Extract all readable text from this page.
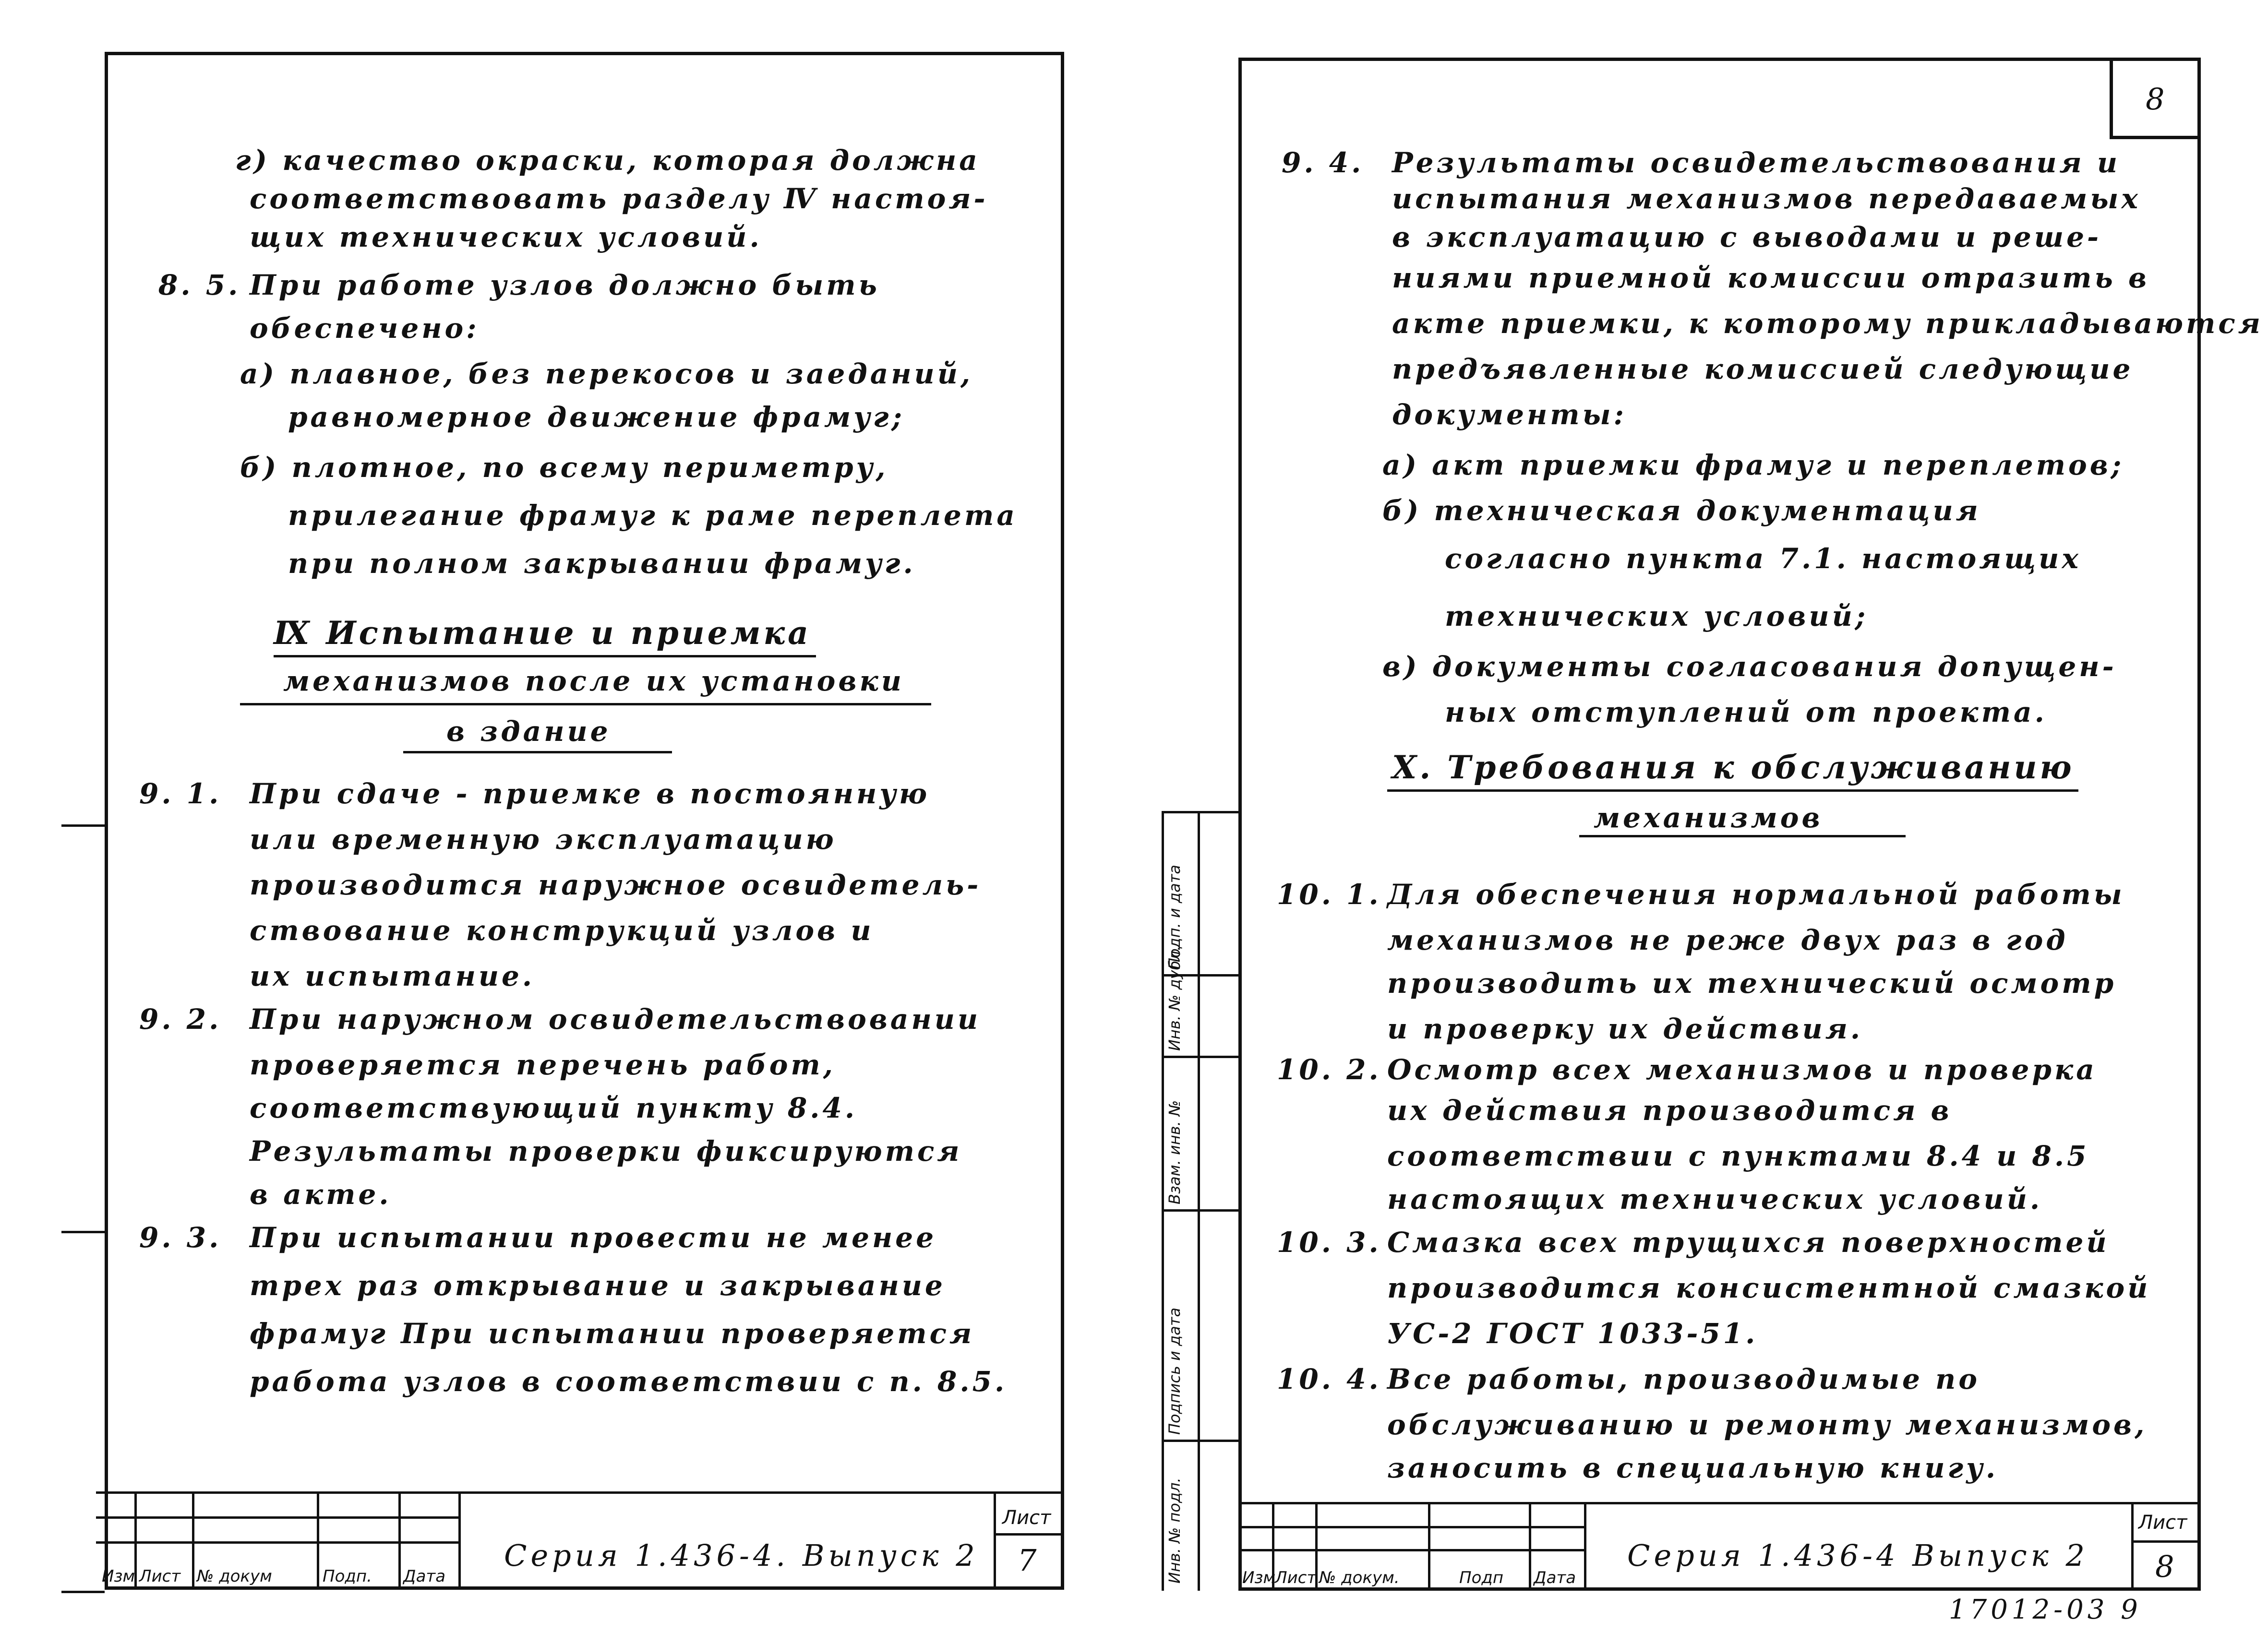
г) качество окраски, которая должна
соответствовать разделу Ⅳ настоя-
щих технических условий.
8. 5. При работе узлов должно быть
обеспечено:
а) плавное, без перекосов и заеданий,
равномерное движение фрамуг;
б) плотное, по всему периметру,
прилегание фрамуг к раме переплета
при полном закрывании фрамуг.
Ⅸ Испытание и приемка
механизмов после их установки
в здание
9. 1. При сдаче - приемке в постоянную
или временную эксплуатацию
производится наружное освидетель-
ствование конструкций узлов и
их испытание.
9. 2. При наружном освидетельствовании
проверяется перечень работ,
соответствующий пункту 8.4.
Результаты проверки фиксируются
в акте.
9. 3. При испытании провести не менее
трех раз открывание и закрывание
фрамуг При испытании проверяется
работа узлов в соответствии с п. 8.5.
Изм Лист № докум	Подп. Дата
Серия 1.436-4. Выпуск 2
Лист
7
8
Инв. № подл.
Подпись и дата
Взам. инв. №
Инв. № дубл.
Подп. и дата
9. 4. Результаты освидетельствования и
испытания механизмов передаваемых
в эксплуатацию с выводами и реше-
ниями приемной комиссии отразить в
акте приемки, к которому прикладываются
предъявленные комиссией следующие
документы:
а) акт приемки фрамуг и переплетов;
б) техническая документация
согласно пункта 7.1. настоящих
технических условий;
в) документы согласования допущен-
ных отступлений от проекта.
Ⅹ. Требования к обслуживанию
механизмов
10. 1. Для обеспечения нормальной работы
механизмов не реже двух раз в год
производить их технический осмотр
и проверку их действия.
10. 2. Осмотр всех механизмов и проверка
их действия производится в
соответствии с пунктами 8.4 и 8.5
настоящих технических условий.
10. 3. Смазка всех трущихся поверхностей
производится консистентной смазкой
УС-2 ГОСТ 1033-51.
10. 4. Все работы, производимые по
обслуживанию и ремонту механизмов,
заносить в специальную книгу.
Изм
Лист № докум.	Подп Дата
Серия 1.436-4 Выпуск 2
Лист
8
17012-03 9
